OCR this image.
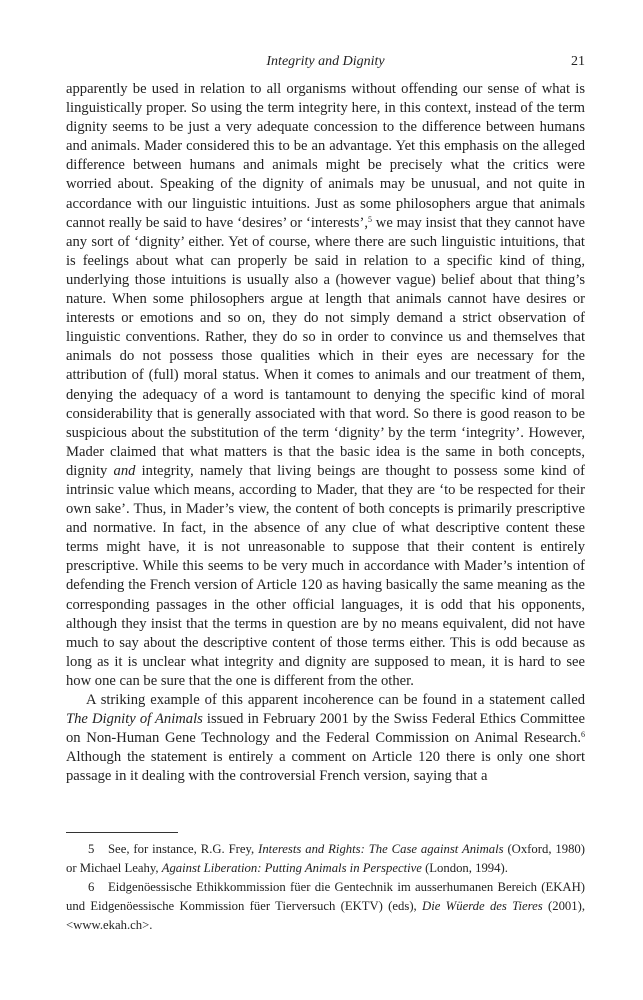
Integrity and Dignity	21

apparently be used in relation to all organisms without offending our sense of what is linguistically proper. So using the term integrity here, in this context, instead of the term dignity seems to be just a very adequate concession to the difference between humans and animals. Mader considered this to be an advantage. Yet this emphasis on the alleged difference between humans and animals might be precisely what the critics were worried about. Speaking of the dignity of animals may be unusual, and not quite in accordance with our linguistic intuitions. Just as some philosophers argue that animals cannot really be said to have ‘desires’ or ‘interests’,$^5$ we may insist that they cannot have any sort of ‘dignity’ either. Yet of course, where there are such linguistic intuitions, that is feelings about what can properly be said in relation to a specific kind of thing, underlying those intuitions is usually also a (however vague) belief about that thing’s nature. When some philosophers argue at length that animals cannot have desires or interests or emotions and so on, they do not simply demand a strict observation of linguistic conventions. Rather, they do so in order to convince us and themselves that animals do not possess those qualities which in their eyes are necessary for the attribution of (full) moral status. When it comes to animals and our treatment of them, denying the adequacy of a word is tantamount to denying the specific kind of moral considerability that is generally associated with that word. So there is good reason to be suspicious about the substitution of the term ‘dignity’ by the term ‘integrity’. However, Mader claimed that what matters is that the basic idea is the same in both concepts, dignity and integrity, namely that living beings are thought to possess some kind of intrinsic value which means, according to Mader, that they are ‘to be respected for their own sake’. Thus, in Mader’s view, the content of both concepts is primarily prescriptive and normative. In fact, in the absence of any clue of what descriptive content these terms might have, it is not unreasonable to suppose that their content is entirely prescriptive. While this seems to be very much in accordance with Mader’s intention of defending the French version of Article 120 as having basically the same meaning as the corresponding passages in the other official languages, it is odd that his opponents, although they insist that the terms in question are by no means equivalent, did not have much to say about the descriptive content of those terms either. This is odd because as long as it is unclear what integrity and dignity are supposed to mean, it is hard to see how one can be sure that the one is different from the other.

A striking example of this apparent incoherence can be found in a statement called The Dignity of Animals issued in February 2001 by the Swiss Federal Ethics Committee on Non-Human Gene Technology and the Federal Commission on Animal Research.$^6$ Although the statement is entirely a comment on Article 120 there is only one short passage in it dealing with the controversial French version, saying that a

5 See, for instance, R.G. Frey, Interests and Rights: The Case against Animals (Oxford, 1980) or Michael Leahy, Against Liberation: Putting Animals in Perspective (London, 1994).

6 Eidgenöessische Ethikkommission füer die Gentechnik im ausserhumanen Bereich (EKAH) und Eidgenöessische Kommission füer Tierversuch (EKTV) (eds), Die Wüerde des Tieres (2001), <www.ekah.ch>.
